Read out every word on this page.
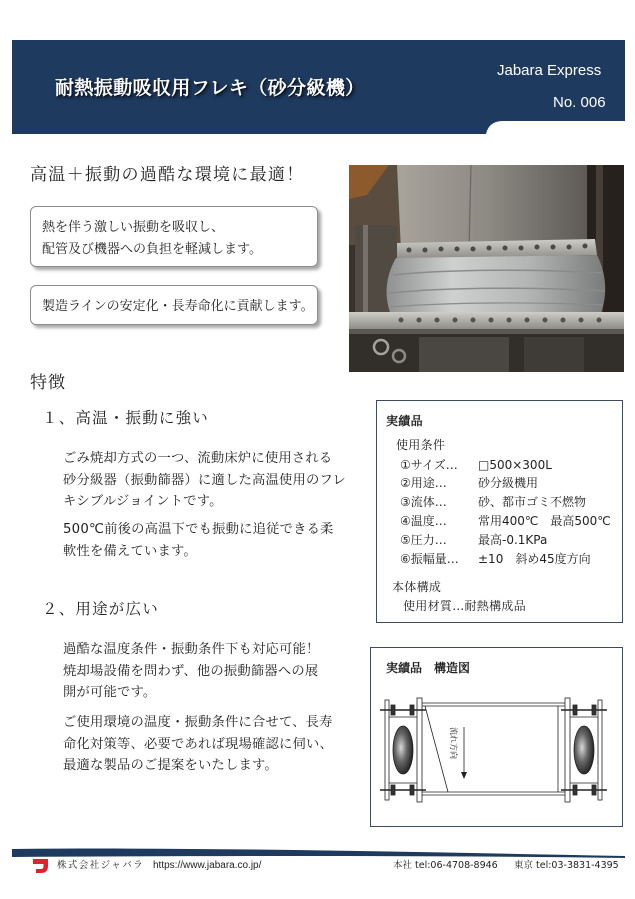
耐熱振動吸収用フレキ（砂分級機）
Jabara Express
No. 006
高温＋振動の過酷な環境に最適！
熱を伴う激しい振動を吸収し、
配管及び機器への負担を軽減します。
製造ラインの安定化・長寿命化に貢献します。
特徴
１、高温・振動に強い
ごみ焼却方式の一つ、流動床炉に使用される
砂分級器（振動篩器）に適した高温使用のフレ
キシブルジョイントです。
500℃前後の高温下でも振動に追従できる柔
軟性を備えています。
２、用途が広い
過酷な温度条件・振動条件下も対応可能！
焼却場設備を問わず、他の振動篩器への展
開が可能です。
ご使用環境の温度・振動条件に合せて、長寿
命化対策等、必要であれば現場確認に伺い、
最適な製品のご提案をいたします。
実績品
使用条件
①サイズ… □500×300L
②用途…	砂分級機用
③流体…	砂、都市ゴミ不燃物
④温度…	常用400℃　最高500℃
⑤圧力…	最高-0.1KPa
⑥振幅量… ±10　斜め45度方向
本体構成
使用材質…耐熱構成品
実績品　構造図
流れ方向
株式会社ジャバラ https://www.jabara.co.jp/	本社 tel:06-4708-8946 東京 tel:03-3831-4395
